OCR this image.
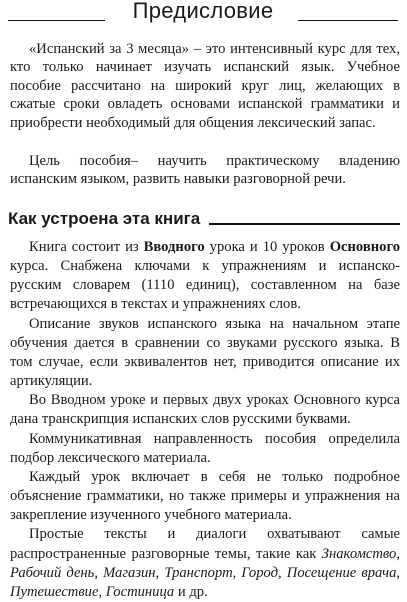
Предисловие

«Испанский за 3 месяца» – это интенсивный курс для тех, кто только начинает изучать испанский язык. Учебное пособие рассчитано на широкий круг лиц, желающих в сжатые сроки овладеть основами испанской грамматики и приобрести необходимый для общения лексический запас.

Цель пособия– научить практическому владению испанским языком, развить навыки разговорной речи.

Как устроена эта книга

Книга состоит из Вводного урока и 10 уроков Основного курса. Снабжена ключами к упражнениям и испанско-русским словарем (1110 единиц), составленном на базе встречающихся в текстах и упражнениях слов.

Описание звуков испанского языка на начальном этапе обучения дается в сравнении со звуками русского языка. В том случае, если эквивалентов нет, приводится описание их артикуляции.

Во Вводном уроке и первых двух уроках Основного курса дана транскрипция испанских слов русскими буквами.

Коммуникативная направленность пособия определила подбор лексического материала.

Каждый урок включает в себя не только подробное объяснение грамматики, но также примеры и упражнения на закрепление изученного учебного материала.

Простые тексты и диалоги охватывают самые распространенные разговорные темы, такие как Знакомство, Рабочий день, Магазин, Транспорт, Город, Посещение врача, Путешествие, Гостиница и др.
